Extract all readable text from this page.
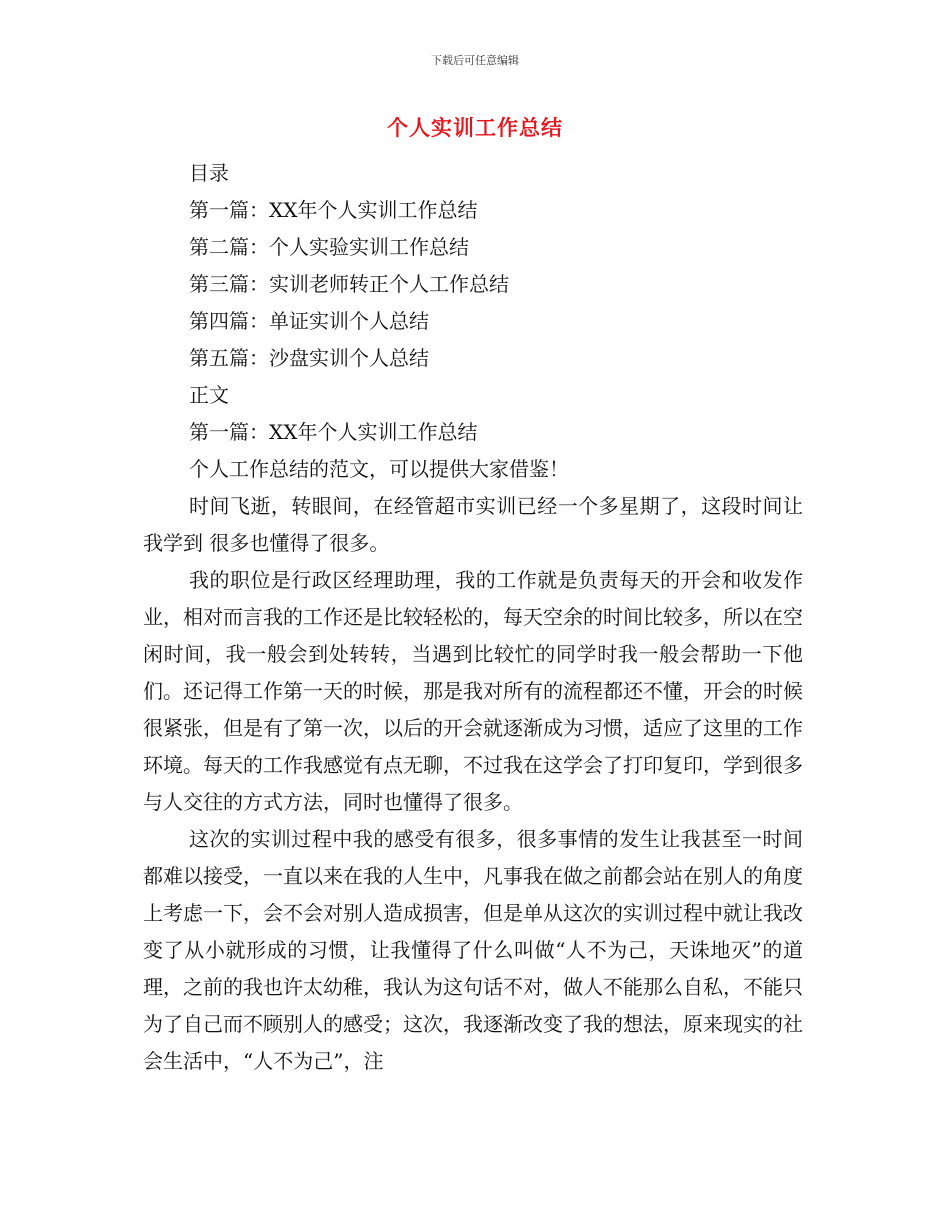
下载后可任意编辑
个人实训工作总结

目录

第一篇：XX年个人实训工作总结

第二篇：个人实验实训工作总结

第三篇：实训老师转正个人工作总结

第四篇：单证实训个人总结

第五篇：沙盘实训个人总结

正文

第一篇：XX年个人实训工作总结

个人工作总结的范文，可以提供大家借鉴！

时间飞逝，转眼间，在经管超市实训已经一个多星期了，这段时间让我学到 很多也懂得了很多。

我的职位是行政区经理助理，我的工作就是负责每天的开会和收发作业，相对而言我的工作还是比较轻松的，每天空余的时间比较多，所以在空闲时间，我一般会到处转转，当遇到比较忙的同学时我一般会帮助一下他们。还记得工作第一天的时候，那是我对所有的流程都还不懂，开会的时候很紧张，但是有了第一次，以后的开会就逐渐成为习惯，适应了这里的工作环境。每天的工作我感觉有点无聊，不过我在这学会了打印复印，学到很多与人交往的方式方法，同时也懂得了很多。

这次的实训过程中我的感受有很多，很多事情的发生让我甚至一时间都难以接受，一直以来在我的人生中，凡事我在做之前都会站在别人的角度上考虑一下，会不会对别人造成损害，但是单从这次的实训过程中就让我改变了从小就形成的习惯，让我懂得了什么叫做“人不为己，天诛地灭”的道理，之前的我也许太幼稚，我认为这句话不对，做人不能那么自私，不能只为了自己而不顾别人的感受；这次，我逐渐改变了我的想法，原来现实的社会生活中，“人不为己”，注
